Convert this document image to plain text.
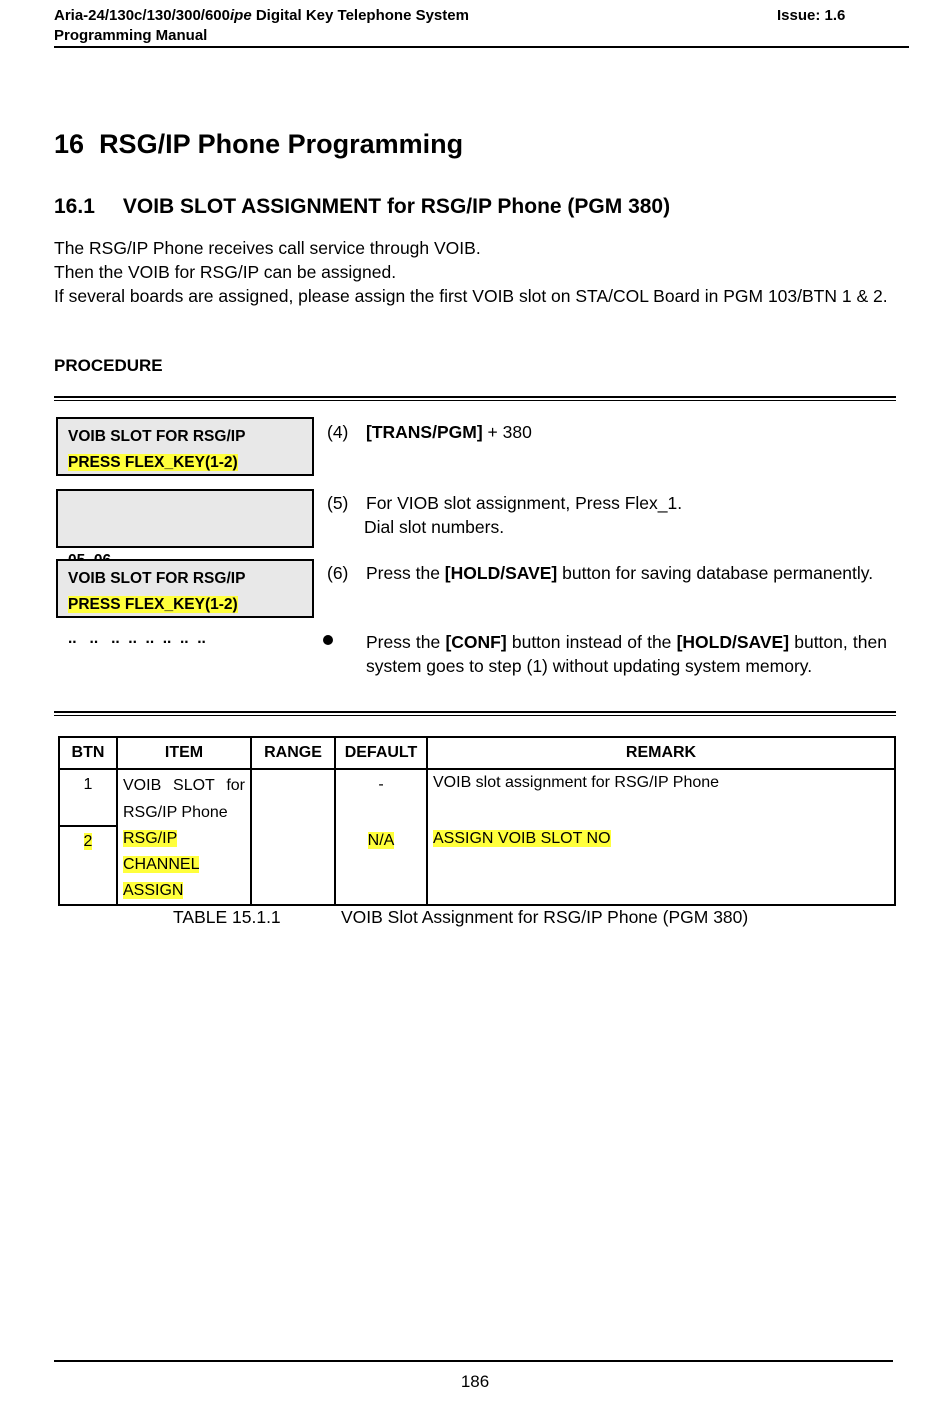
Aria-24/130c/130/300/600ipe Digital Key Telephone System	Issue: 1.6
Programming Manual
16 RSG/IP Phone Programming
16.1 VOIB SLOT ASSIGNMENT for RSG/IP Phone (PGM 380)
The RSG/IP Phone receives call service through VOIB.
Then the VOIB for RSG/IP can be assigned.
If several boards are assigned, please assign the first VOIB slot on STA/COL Board in PGM 103/BTN 1 & 2.
PROCEDURE
VOIB SLOT FOR RSG/IP
PRESS FLEX_KEY(1-2)

..   ..   ..  ..  ..  ..  ..  ..

VOIB SLOT FOR RSG/IP
PRESS FLEX_KEY(1-2)
(4) [TRANS/PGM] + 380
(5) For VIOB slot assignment, Press Flex_1.
Dial slot numbers.
(6) Press the [HOLD/SAVE] button for saving database permanently.
Press the [CONF] button instead of the [HOLD/SAVE] button, then system goes to step (1) without updating system memory.
BTN	ITEM	RANGE	DEFAULT	REMARK
1	VOIB SLOT for RSG/IP Phone		-	VOIB slot assignment for RSG/IP Phone
2	RSG/IP
CHANNEL
ASSIGN		N/A	ASSIGN VOIB SLOT NO
TABLE 15.1.1	VOIB Slot Assignment for RSG/IP Phone (PGM 380)
186
